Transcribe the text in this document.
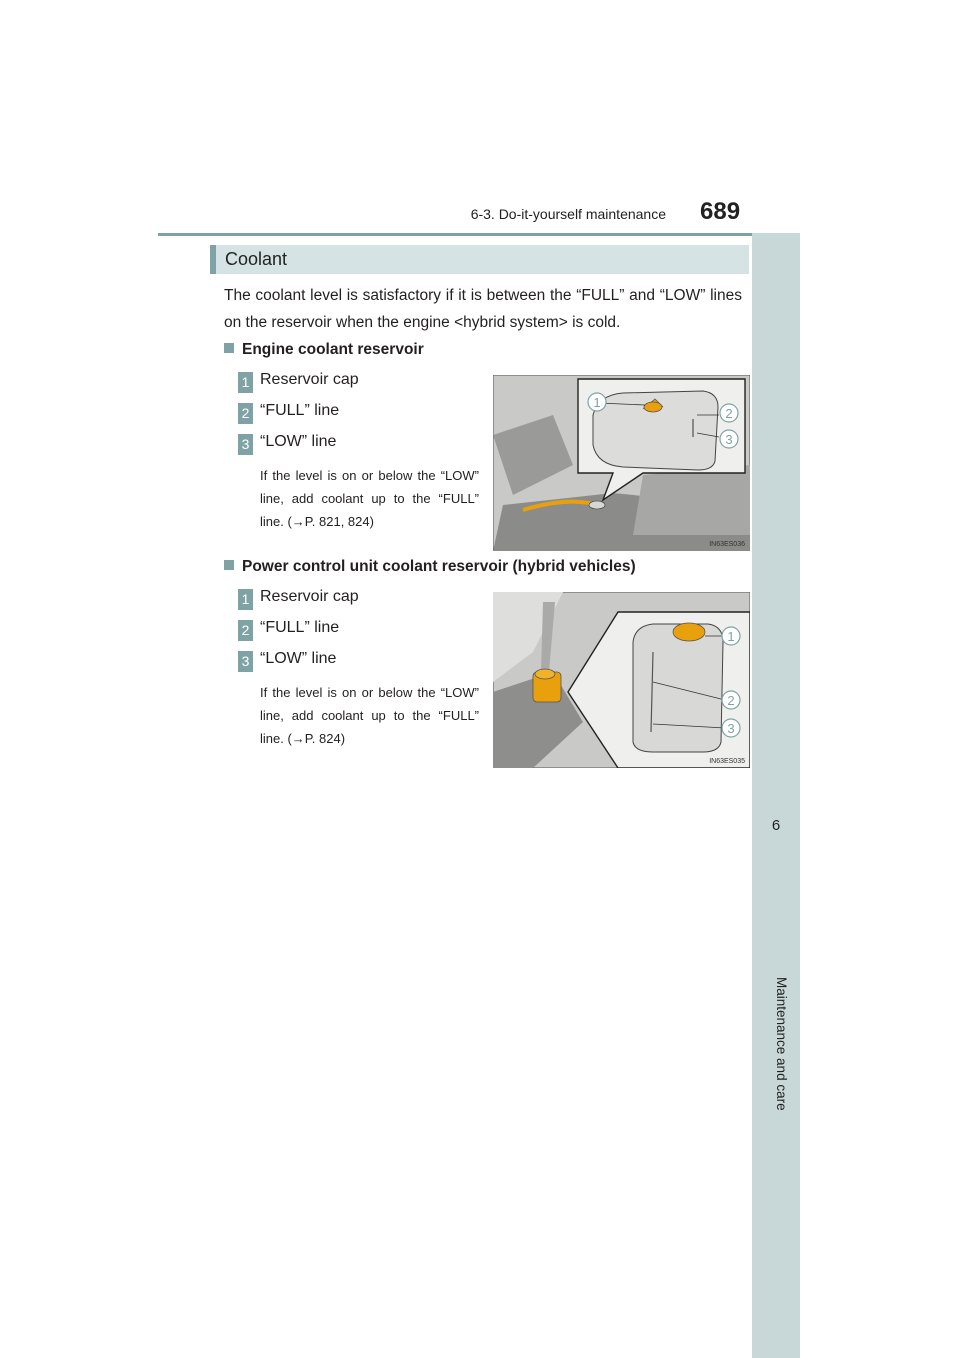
6-3. Do-it-yourself maintenance 689
6
Maintenance and care
Coolant
The coolant level is satisfactory if it is between the “FULL” and “LOW” lines on the reservoir when the engine <hybrid system> is cold.
Engine coolant reservoir
1 Reservoir cap
2 “FULL” line
3 “LOW” line
If the level is on or below the “LOW” line, add coolant up to the “FULL” line. (→P. 821, 824)
1
2
3
IN63ES036
Power control unit coolant reservoir (hybrid vehicles)
1 Reservoir cap
2 “FULL” line
3 “LOW” line
If the level is on or below the “LOW” line, add coolant up to the “FULL” line. (→P. 824)
1
2
3
IN63ES035
